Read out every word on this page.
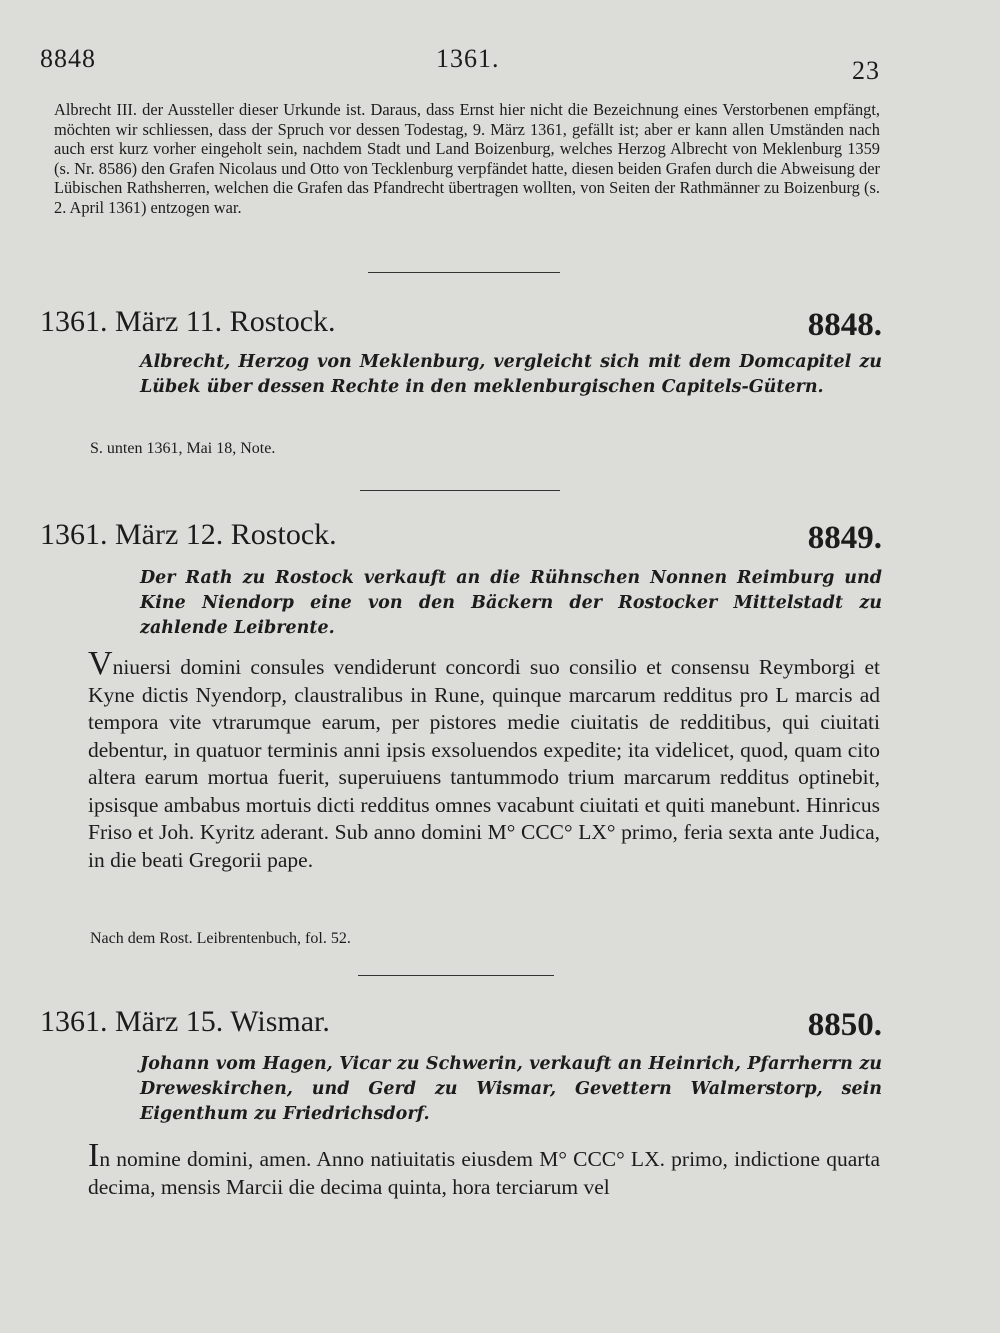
8848	1361.	23
Albrecht III. der Aussteller dieser Urkunde ist. Daraus, dass Ernst hier nicht die Bezeichnung eines Verstorbenen empfängt, möchten wir schliessen, dass der Spruch vor dessen Todestag, 9. März 1361, gefällt ist; aber er kann allen Umständen nach auch erst kurz vorher eingeholt sein, nachdem Stadt und Land Boizenburg, welches Herzog Albrecht von Meklenburg 1359 (s. Nr. 8586) den Grafen Nicolaus und Otto von Tecklenburg verpfändet hatte, diesen beiden Grafen durch die Abweisung der Lübischen Rathsherren, welchen die Grafen das Pfandrecht übertragen wollten, von Seiten der Rathmänner zu Boizenburg (s. 2. April 1361) entzogen war.
1361. März 11. Rostock.	8848.
Albrecht, Herzog von Meklenburg, vergleicht sich mit dem Domcapitel zu Lübek über dessen Rechte in den meklenburgischen Capitels-Gütern.
S. unten 1361, Mai 18, Note.
1361. März 12. Rostock.	8849.
Der Rath zu Rostock verkauft an die Rühnschen Nonnen Reimburg und Kine Niendorp eine von den Bäckern der Rostocker Mittelstadt zu zahlende Leibrente.
Vniuersi domini consules vendiderunt concordi suo consilio et consensu Reymborgi et Kyne dictis Nyendorp, claustralibus in Rune, quinque marcarum redditus pro L marcis ad tempora vite vtrarumque earum, per pistores medie ciuitatis de redditibus, qui ciuitati debentur, in quatuor terminis anni ipsis exsoluendos expedite; ita videlicet, quod, quam cito altera earum mortua fuerit, superuiuens tantummodo trium marcarum redditus optinebit, ipsisque ambabus mortuis dicti redditus omnes vacabunt ciuitati et quiti manebunt. Hinricus Friso et Joh. Kyritz aderant. Sub anno domini M° CCC° LX° primo, feria sexta ante Judica, in die beati Gregorii pape.
Nach dem Rost. Leibrentenbuch, fol. 52.
1361. März 15. Wismar.	8850.
Johann vom Hagen, Vicar zu Schwerin, verkauft an Heinrich, Pfarrherrn zu Dreweskirchen, und Gerd zu Wismar, Gevettern Walmerstorp, sein Eigenthum zu Friedrichsdorf.
In nomine domini, amen. Anno natiuitatis eiusdem M° CCC° LX. primo, indictione quarta decima, mensis Marcii die decima quinta, hora terciarum vel
